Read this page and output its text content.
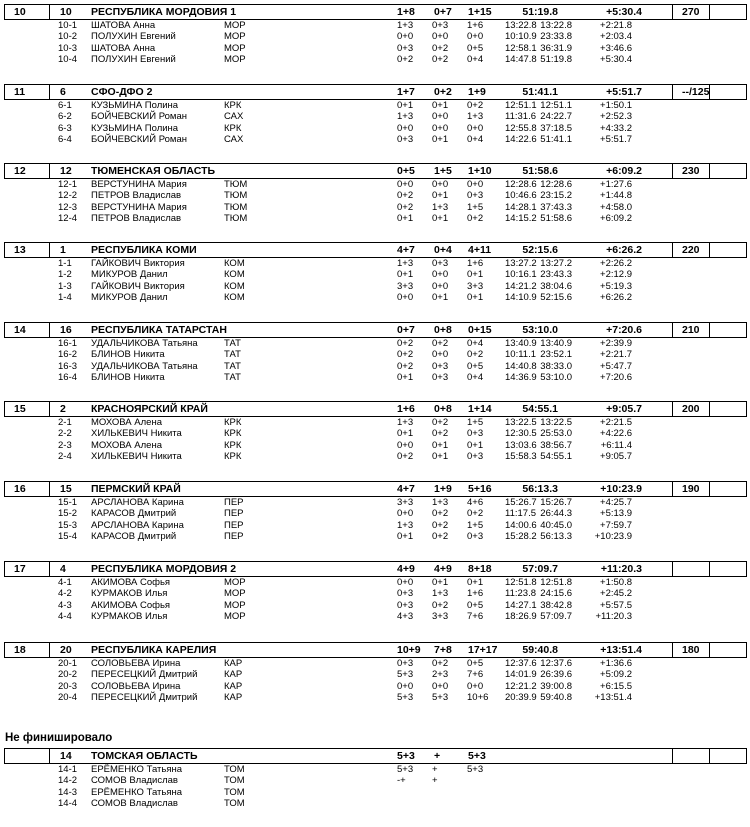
10	10 РЕСПУБЛИКА МОРДОВИЯ 1	1+8 0+7 1+15	51:19.8	+5:30.4	270
10-1 ШАТОВА Анна	МОР	1+3 0+3 1+6 13:22.8 13:22.8	+2:21.8
10-2 ПОЛУХИН Евгений	МОР	0+0 0+0 0+0 10:10.9 23:33.8	+2:03.4
10-3 ШАТОВА Анна	МОР	0+3 0+2 0+5 12:58.1 36:31.9	+3:46.6
10-4 ПОЛУХИН Евгений	МОР	0+2 0+2 0+4 14:47.8 51:19.8	+5:30.4
11	6 СФО-ДФО 2	1+7 0+2 1+9	51:41.1	+5:51.7	--/125
6-1 КУЗЬМИНА Полина	КРК	0+1 0+1 0+2 12:51.1 12:51.1	+1:50.1
6-2 БОЙЧЕВСКИЙ Роман	САХ	1+3 0+0 1+3 11:31.6 24:22.7	+2:52.3
6-3 КУЗЬМИНА Полина	КРК	0+0 0+0 0+0 12:55.8 37:18.5	+4:33.2
6-4 БОЙЧЕВСКИЙ Роман	САХ	0+3 0+1 0+4 14:22.6 51:41.1	+5:51.7
12	12 ТЮМЕНСКАЯ ОБЛАСТЬ	0+5 1+5 1+10	51:58.6	+6:09.2	230
12-1 ВЕРСТУНИНА Мария	ТЮМ	0+0 0+0 0+0 12:28.6 12:28.6	+1:27.6
12-2 ПЕТРОВ Владислав	ТЮМ	0+2 0+1 0+3 10:46.6 23:15.2	+1:44.8
12-3 ВЕРСТУНИНА Мария	ТЮМ	0+2 1+3 1+5 14:28.1 37:43.3	+4:58.0
12-4 ПЕТРОВ Владислав	ТЮМ	0+1 0+1 0+2 14:15.2 51:58.6	+6:09.2
13	1 РЕСПУБЛИКА КОМИ	4+7 0+4 4+11	52:15.6	+6:26.2	220
1-1 ГАЙКОВИЧ Виктория	КОМ	1+3 0+3 1+6 13:27.2 13:27.2	+2:26.2
1-2 МИКУРОВ Данил	КОМ	0+1 0+0 0+1 10:16.1 23:43.3	+2:12.9
1-3 ГАЙКОВИЧ Виктория	КОМ	3+3 0+0 3+3 14:21.2 38:04.6	+5:19.3
1-4 МИКУРОВ Данил	КОМ	0+0 0+1 0+1 14:10.9 52:15.6	+6:26.2
14	16 РЕСПУБЛИКА ТАТАРСТАН	0+7 0+8 0+15	53:10.0	+7:20.6	210
16-1 УДАЛЬЧИКОВА Татьяна	ТАТ	0+2 0+2 0+4 13:40.9 13:40.9	+2:39.9
16-2 БЛИНОВ Никита	ТАТ	0+2 0+0 0+2 10:11.1 23:52.1	+2:21.7
16-3 УДАЛЬЧИКОВА Татьяна	ТАТ	0+2 0+3 0+5 14:40.8 38:33.0	+5:47.7
16-4 БЛИНОВ Никита	ТАТ	0+1 0+3 0+4 14:36.9 53:10.0	+7:20.6
15	2 КРАСНОЯРСКИЙ КРАЙ	1+6 0+8 1+14	54:55.1	+9:05.7	200
2-1 МОХОВА Алена	КРК	1+3 0+2 1+5 13:22.5 13:22.5	+2:21.5
2-2 ХИЛЬКЕВИЧ Никита	КРК	0+1 0+2 0+3 12:30.5 25:53.0	+4:22.6
2-3 МОХОВА Алена	КРК	0+0 0+1 0+1 13:03.6 38:56.7	+6:11.4
2-4 ХИЛЬКЕВИЧ Никита	КРК	0+2 0+1 0+3 15:58.3 54:55.1	+9:05.7
16	15 ПЕРМСКИЙ КРАЙ	4+7 1+9 5+16	56:13.3	+10:23.9	190
15-1 АРСЛАНОВА Карина	ПЕР	3+3 1+3 4+6 15:26.7 15:26.7	+4:25.7
15-2 КАРАСОВ Дмитрий	ПЕР	0+0 0+2 0+2 11:17.5 26:44.3	+5:13.9
15-3 АРСЛАНОВА Карина	ПЕР	1+3 0+2 1+5 14:00.6 40:45.0	+7:59.7
15-4 КАРАСОВ Дмитрий	ПЕР	0+1 0+2 0+3 15:28.2 56:13.3 +10:23.9
17	4 РЕСПУБЛИКА МОРДОВИЯ 2	4+9 4+9 8+18	57:09.7	+11:20.3
4-1 АКИМОВА Софья	МОР	0+0 0+1 0+1 12:51.8 12:51.8	+1:50.8
4-2 КУРМАКОВ Илья	МОР	0+3 1+3 1+6 11:23.8 24:15.6	+2:45.2
4-3 АКИМОВА Софья	МОР	0+3 0+2 0+5 14:27.1 38:42.8	+5:57.5
4-4 КУРМАКОВ Илья	МОР	4+3 3+3 7+6 18:26.9 57:09.7 +11:20.3
18	20 РЕСПУБЛИКА КАРЕЛИЯ	10+9 7+8 17+17 59:40.8	+13:51.4	180
20-1 СОЛОВЬЕВА Ирина	КАР	0+3 0+2 0+5 12:37.6 12:37.6	+1:36.6
20-2 ПЕРЕСЕЦКИЙ Дмитрий	КАР	5+3 2+3 7+6 14:01.9 26:39.6	+5:09.2
20-3 СОЛОВЬЕВА Ирина	КАР	0+0 0+0 0+0 12:21.2 39:00.8	+6:15.5
20-4 ПЕРЕСЕЦКИЙ Дмитрий	КАР	5+3 5+3 10+6 20:39.9 59:40.8 +13:51.4
14 ТОМСКАЯ ОБЛАСТЬ	5+3 +	5+3
14-1 ЕРЁМЕНКО Татьяна	ТОМ	5+3 +	5+3
14-2 СОМОВ Владислав	ТОМ	-+	+
14-3 ЕРЁМЕНКО Татьяна	ТОМ
14-4 СОМОВ Владислав	ТОМ
Не финишировало
